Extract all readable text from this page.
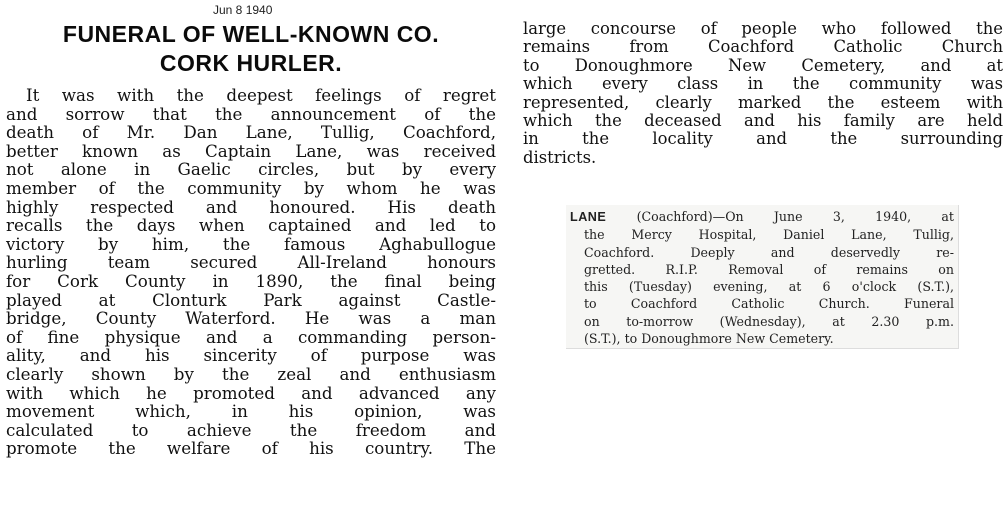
Jun 8 1940
FUNERAL OF WELL-KNOWN CO.
CORK HURLER.
It was with the deepest feelings of regret
and sorrow that the announcement of the
death of Mr. Dan Lane, Tullig, Coachford,
better known as Captain Lane, was received
not alone in Gaelic circles, but by every
member of the community by whom he was
highly respected and honoured. His death
recalls the days when captained and led to
victory by him, the famous Aghabullogue
hurling team secured All-Ireland honours
for Cork County in 1890, the final being
played at Clonturk Park against Castle-
bridge, County Waterford. He was a man
of fine physique and a commanding person-
ality, and his sincerity of purpose was
clearly shown by the zeal and enthusiasm
with which he promoted and advanced any
movement which, in his opinion, was
calculated to achieve the freedom and
promote the welfare of his country. The
large concourse of people who followed the
remains from Coachford Catholic Church
to Donoughmore New Cemetery, and at
which every class in the community was
represented, clearly marked the esteem with
which the deceased and his family are held
in the locality and the surrounding
districts.
LANE (Coachford)—On June 3, 1940, at
the Mercy Hospital, Daniel Lane, Tullig,
Coachford. Deeply and deservedly re-
gretted. R.I.P. Removal of remains on
this (Tuesday) evening, at 6 o'clock (S.T.),
to Coachford Catholic Church. Funeral
on to-morrow (Wednesday), at 2.30 p.m.
(S.T.), to Donoughmore New Cemetery.
